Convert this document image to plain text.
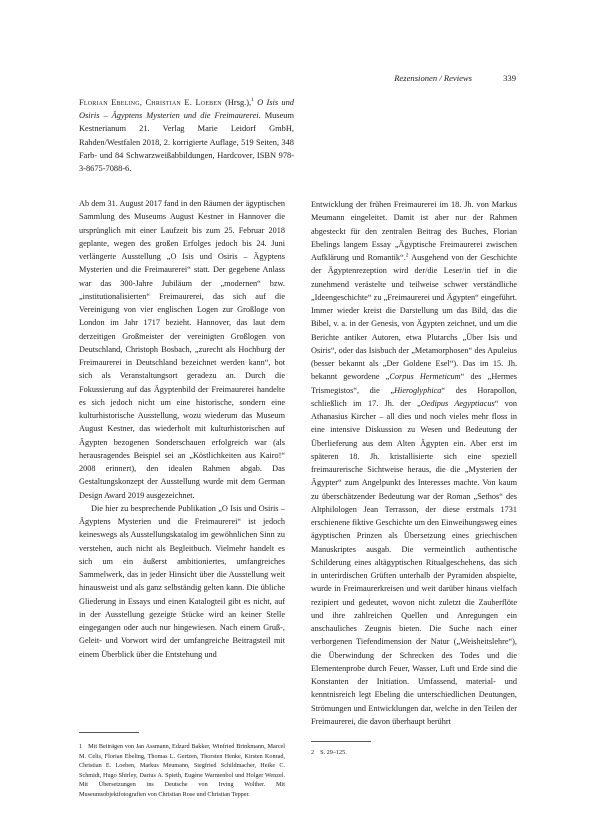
Rezensionen / Reviews	339
Florian Ebeling, Christian E. Loeben (Hrsg.),$^1$ O Isis und Osiris – Ägyptens Mysterien und die Freimaurerei. Museum Kestnerianum 21. Verlag Marie Leidorf GmbH, Rahden/Westfalen 2018, 2. korrigierte Auflage, 519 Seiten, 348 Farb- und 84 Schwarzweißabbildungen, Hardcover, ISBN 978-3-8675-7088-6.

Ab dem 31. August 2017 fand in den Räumen der ägyptischen Sammlung des Museums August Kestner in Hannover die ursprünglich mit einer Laufzeit bis zum 25. Februar 2018 geplante, wegen des großen Erfolges jedoch bis 24. Juni verlängerte Ausstellung „O Isis und Osiris – Ägyptens Mysterien und die Freimaurerei“ statt. Der gegebene Anlass war das 300-Jahre Jubiläum der „modernen“ bzw. „institutionalisierten“ Freimaurerei, das sich auf die Vereinigung von vier englischen Logen zur Großloge von London im Jahr 1717 bezieht. Hannover, das laut dem derzeitigen Großmeister der vereinigten Großlogen von Deutschland, Christoph Bosbach, „zurecht als Hochburg der Freimaurerei in Deutschland bezeichnet werden kann“, bot sich als Veranstaltungsort geradezu an. Durch die Fokussierung auf das Ägyptenbild der Freimaurerei handelte es sich jedoch nicht um eine historische, sondern eine kulturhistorische Ausstellung, wozu wiederum das Museum August Kestner, das wiederholt mit kulturhistorischen auf Ägypten bezogenen Sonderschauen erfolgreich war (als herausragendes Beispiel sei an „Köstlichkeiten aus Kairo!“ 2008 erinnert), den idealen Rahmen abgab. Das Gestaltungskonzept der Ausstellung wurde mit dem German Design Award 2019 ausgezeichnet.

Die hier zu besprechende Publikation „O Isis und Osiris – Ägyptens Mysterien und die Freimaurerei“ ist jedoch keineswegs als Ausstellungskatalog im gewöhnlichen Sinn zu verstehen, auch nicht als Begleitbuch. Vielmehr handelt es sich um ein äußerst ambitioniertes, umfangreiches Sammelwerk, das in jeder Hinsicht über die Ausstellung weit hinausweist und als ganz selbständig gelten kann. Die übliche Gliederung in Essays und einen Katalogteil gibt es nicht, auf in der Ausstellung gezeigte Stücke wird an keiner Stelle eingegangen oder auch nur hingewiesen. Nach einem Gruß-, Geleit- und Vorwort wird der umfangreiche Beitragsteil mit einem Überblick über die Entstehung und

Entwicklung der frühen Freimaurerei im 18. Jh. von Markus Meumann eingeleitet. Damit ist aber nur der Rahmen abgesteckt für den zentralen Beitrag des Buches, Florian Ebelings langem Essay „Ägyptische Freimaurerei zwischen Aufklärung und Romantik“.$^2$ Ausgehend von der Geschichte der Ägyptenrezeption wird der/die Leser/in tief in die zunehmend verästelte und teilweise schwer verständliche „Ideengeschichte“ zu „Freimaurerei und Ägypten“ eingeführt. Immer wieder kreist die Darstellung um das Bild, das die Bibel, v. a. in der Genesis, von Ägypten zeichnet, und um die Berichte antiker Autoren, etwa Plutarchs „Über Isis und Osiris“, oder das Isisbuch der „Metamorphosen“ des Apuleius (besser bekannt als „Der Goldene Esel“). Das im 15. Jh. bekannt gewordene „Corpus Hermeticum“ des „Hermes Trismegistos“, die „Hieroglyphica“ des Horapollon, schließlich im 17. Jh. der „Oedipus Aegyptiacus“ von Athanasius Kircher – all dies und noch vieles mehr floss in eine intensive Diskussion zu Wesen und Bedeutung der Überlieferung aus dem Alten Ägypten ein. Aber erst im späteren 18. Jh. kristallisierte sich eine speziell freimaurerische Sichtweise heraus, die die „Mysterien der Ägypter“ zum Angelpunkt des Interesses machte. Von kaum zu überschätzender Bedeutung war der Roman „Sethos“ des Altphilologen Jean Terrasson, der diese erstmals 1731 erschienene fiktive Geschichte um den Einweihungsweg eines ägyptischen Prinzen als Übersetzung eines griechischen Manuskriptes ausgab. Die vermeintlich authentische Schilderung eines altägyptischen Ritualgeschehens, das sich in unterirdischen Grüften unterhalb der Pyramiden abspielte, wurde in Freimaurerkreisen und weit darüber hinaus vielfach rezipiert und gedeutet, wovon nicht zuletzt die Zauberflöte und ihre zahlreichen Quellen und Anregungen ein anschauliches Zeugnis bieten. Die Suche nach einer verborgenen Tiefendimension der Natur („Weisheitslehre“), die Überwindung der Schrecken des Todes und die Elementenprobe durch Feuer, Wasser, Luft und Erde sind die Konstanten der Initiation. Umfassend, material- und kenntnisreich legt Ebeling die unterschiedlichen Deutungen, Strömungen und Entwicklungen dar, welche in den Teilen der Freimaurerei, die davon überhaupt berührt

1 Mit Beiträgen von Jan Assmann, Edzard Bakker, Winfried Brinkmann, Marcel M. Celis, Florian Ebeling, Thomas L. Gertzen, Thorsten Henke, Kirsten Konrad, Christian E. Loeben, Markus Meumann, Siegfried Schildmacher, Heike C. Schmidt, Hugo Shirley, Darius A. Spieth, Eugène Warmenbol und Holger Wenzel. Mit Übersetzungen ins Deutsche von Irving Wolther. Mit Museumsobjektfotografien von Christian Rose und Christian Tepper.
2 S. 29–125.
